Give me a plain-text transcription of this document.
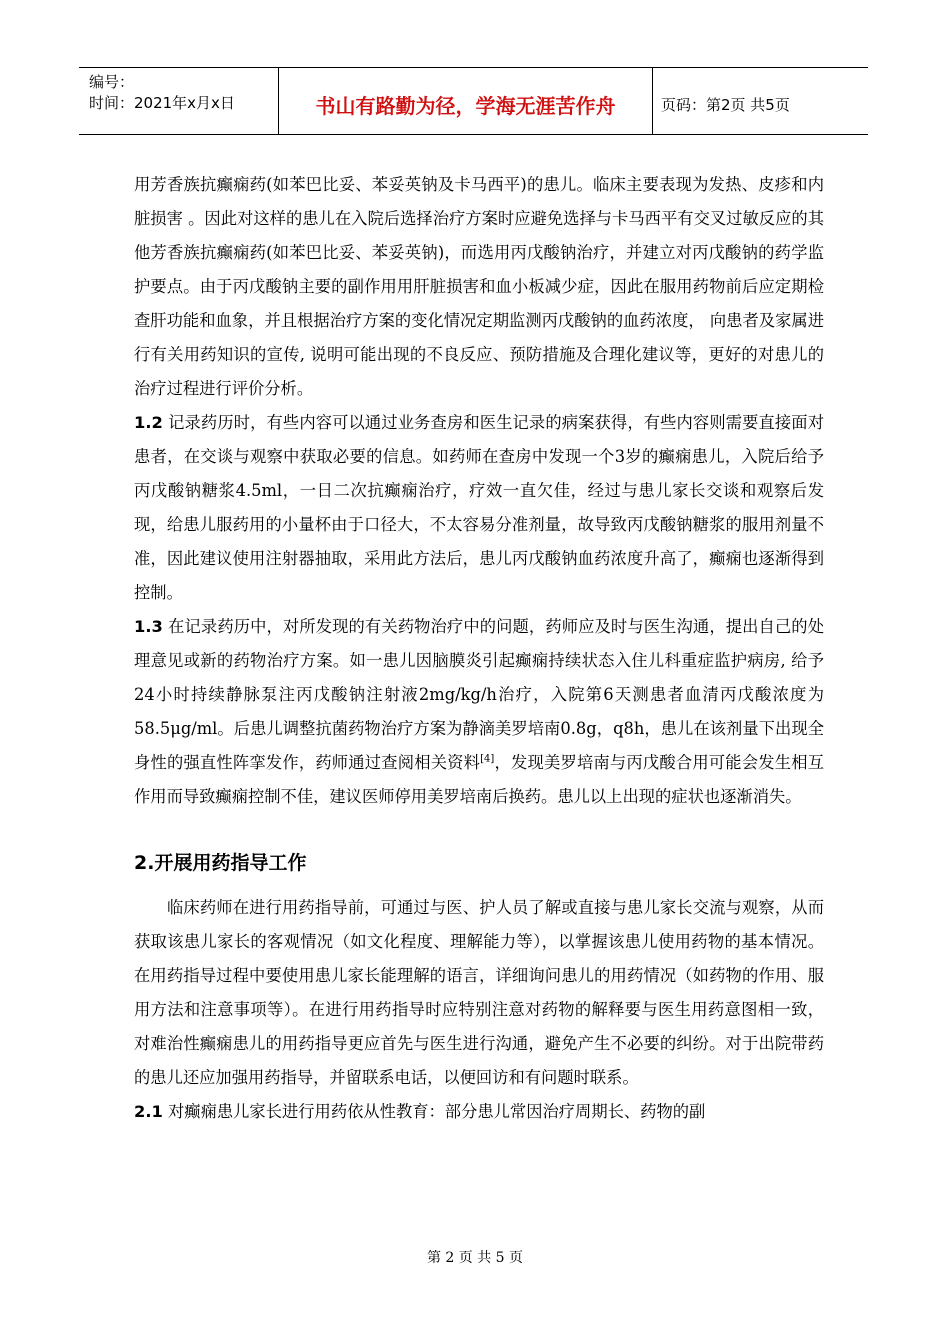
编号：
时间：2021年x月x日	书山有路勤为径，学海无涯苦作舟	页码：第2页 共5页

用芳香族抗癫痫药(如苯巴比妥、苯妥英钠及卡马西平)的患儿。临床主要表现为发热、皮疹和内脏损害 。因此对这样的患儿在入院后选择治疗方案时应避免选择与卡马西平有交叉过敏反应的其他芳香族抗癫痫药(如苯巴比妥、苯妥英钠)，而选用丙戊酸钠治疗，并建立对丙戊酸钠的药学监护要点。由于丙戊酸钠主要的副作用用肝脏损害和血小板减少症，因此在服用药物前后应定期检查肝功能和血象，并且根据治疗方案的变化情况定期监测丙戊酸钠的血药浓度， 向患者及家属进行有关用药知识的宣传, 说明可能出现的不良反应、预防措施及合理化建议等，更好的对患儿的治疗过程进行评价分析。

1.2 记录药历时，有些内容可以通过业务查房和医生记录的病案获得，有些内容则需要直接面对患者，在交谈与观察中获取必要的信息。如药师在查房中发现一个3岁的癫痫患儿，入院后给予丙戊酸钠糖浆4.5ml，一日二次抗癫痫治疗，疗效一直欠佳，经过与患儿家长交谈和观察后发现，给患儿服药用的小量杯由于口径大，不太容易分准剂量，故导致丙戊酸钠糖浆的服用剂量不准，因此建议使用注射器抽取，采用此方法后，患儿丙戊酸钠血药浓度升高了，癫痫也逐渐得到控制。

1.3 在记录药历中，对所发现的有关药物治疗中的问题，药师应及时与医生沟通，提出自己的处理意见或新的药物治疗方案。如一患儿因脑膜炎引起癫痫持续状态入住儿科重症监护病房, 给予24小时持续静脉泵注丙戊酸钠注射液2mg/kg/h治疗，入院第6天测患者血清丙戊酸浓度为58.5μg/ml。后患儿调整抗菌药物治疗方案为静滴美罗培南0.8g，q8h，患儿在该剂量下出现全身性的强直性阵挛发作，药师通过查阅相关资料[4]，发现美罗培南与丙戊酸合用可能会发生相互作用而导致癫痫控制不佳，建议医师停用美罗培南后换药。患儿以上出现的症状也逐渐消失。

2.开展用药指导工作

临床药师在进行用药指导前，可通过与医、护人员了解或直接与患儿家长交流与观察，从而获取该患儿家长的客观情况（如文化程度、理解能力等），以掌握该患儿使用药物的基本情况。在用药指导过程中要使用患儿家长能理解的语言，详细询问患儿的用药情况（如药物的作用、服用方法和注意事项等）。在进行用药指导时应特别注意对药物的解释要与医生用药意图相一致，对难治性癫痫患儿的用药指导更应首先与医生进行沟通，避免产生不必要的纠纷。对于出院带药的患儿还应加强用药指导，并留联系电话，以便回访和有问题时联系。

2.1 对癫痫患儿家长进行用药依从性教育：部分患儿常因治疗周期长、药物的副

第 2 页 共 5 页
